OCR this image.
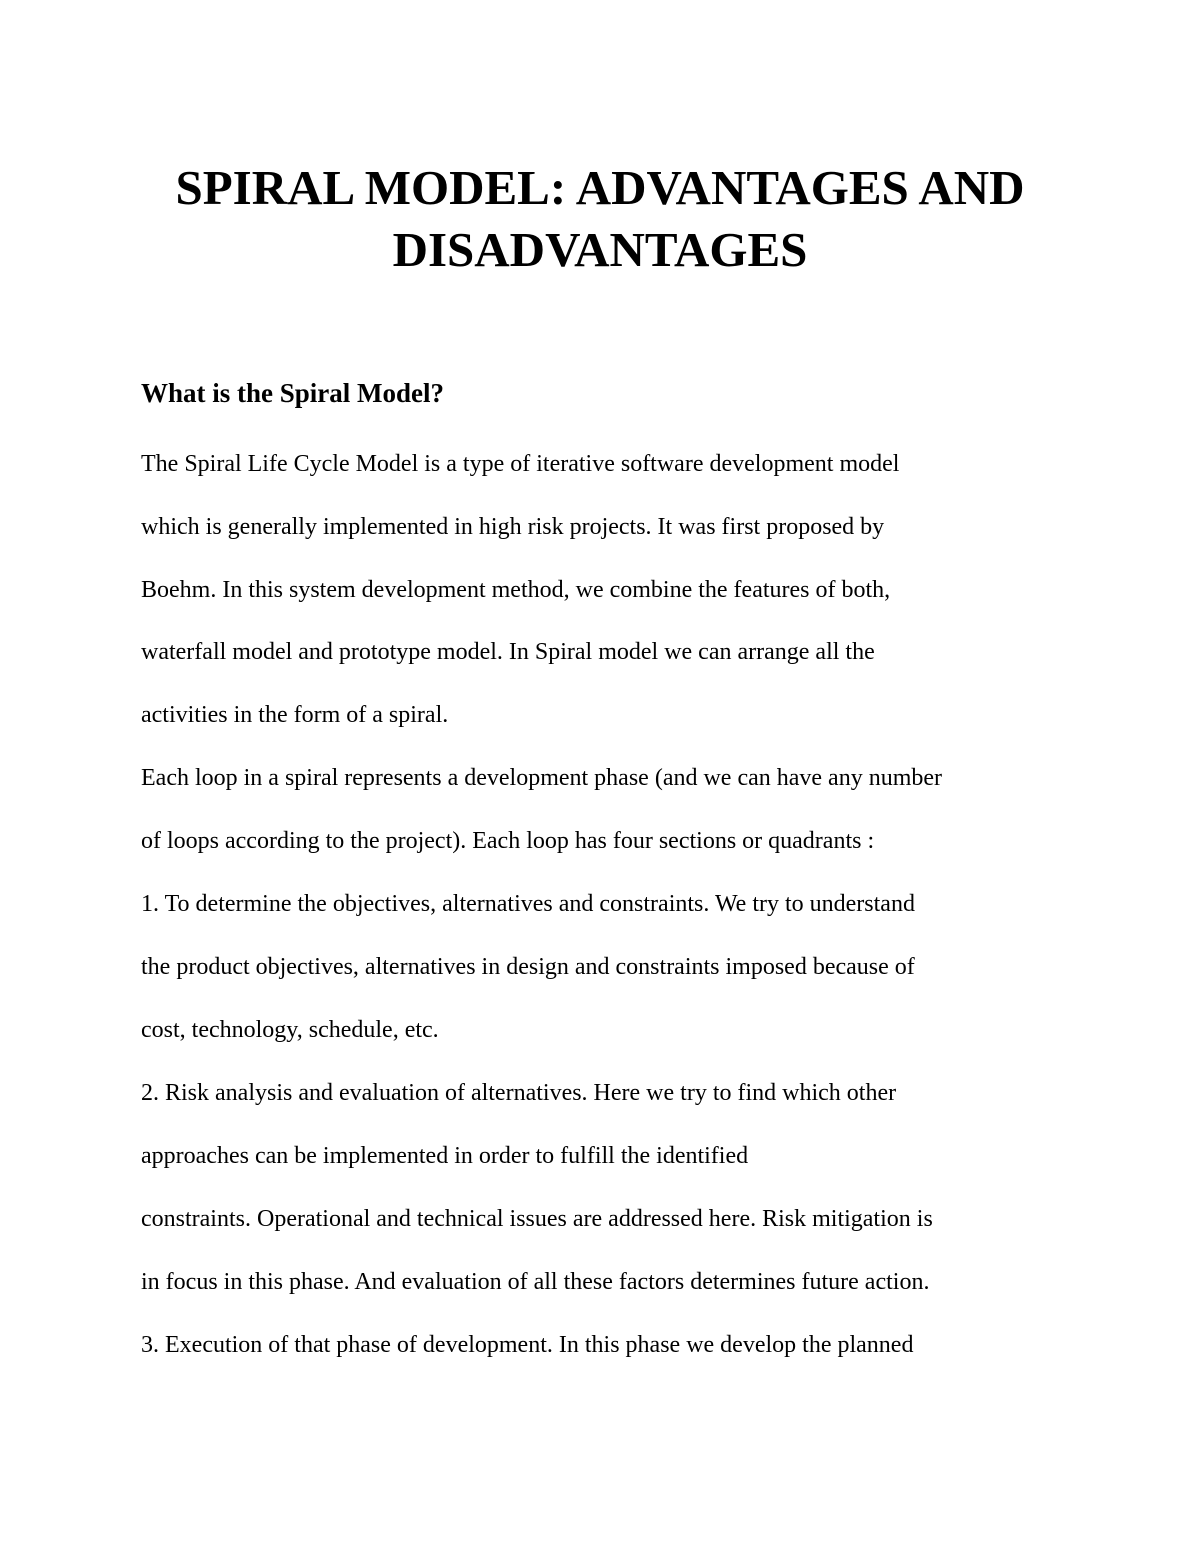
SPIRAL MODEL: ADVANTAGES AND
DISADVANTAGES
What is the Spiral Model?

The Spiral Life Cycle Model is a type of iterative software development model

which is generally implemented in high risk projects. It was first proposed by

Boehm. In this system development method, we combine the features of both,

waterfall model and prototype model. In Spiral model we can arrange all the

activities in the form of a spiral.

Each loop in a spiral represents a development phase (and we can have any number

of loops according to the project). Each loop has four sections or quadrants :

1. To determine the objectives, alternatives and constraints. We try to understand

the product objectives, alternatives in design and constraints imposed because of

cost, technology, schedule, etc.

2. Risk analysis and evaluation of alternatives. Here we try to find which other

approaches can be implemented in order to fulfill the identified

constraints. Operational and technical issues are addressed here. Risk mitigation is

in focus in this phase. And evaluation of all these factors determines future action.

3. Execution of that phase of development. In this phase we develop the planned
